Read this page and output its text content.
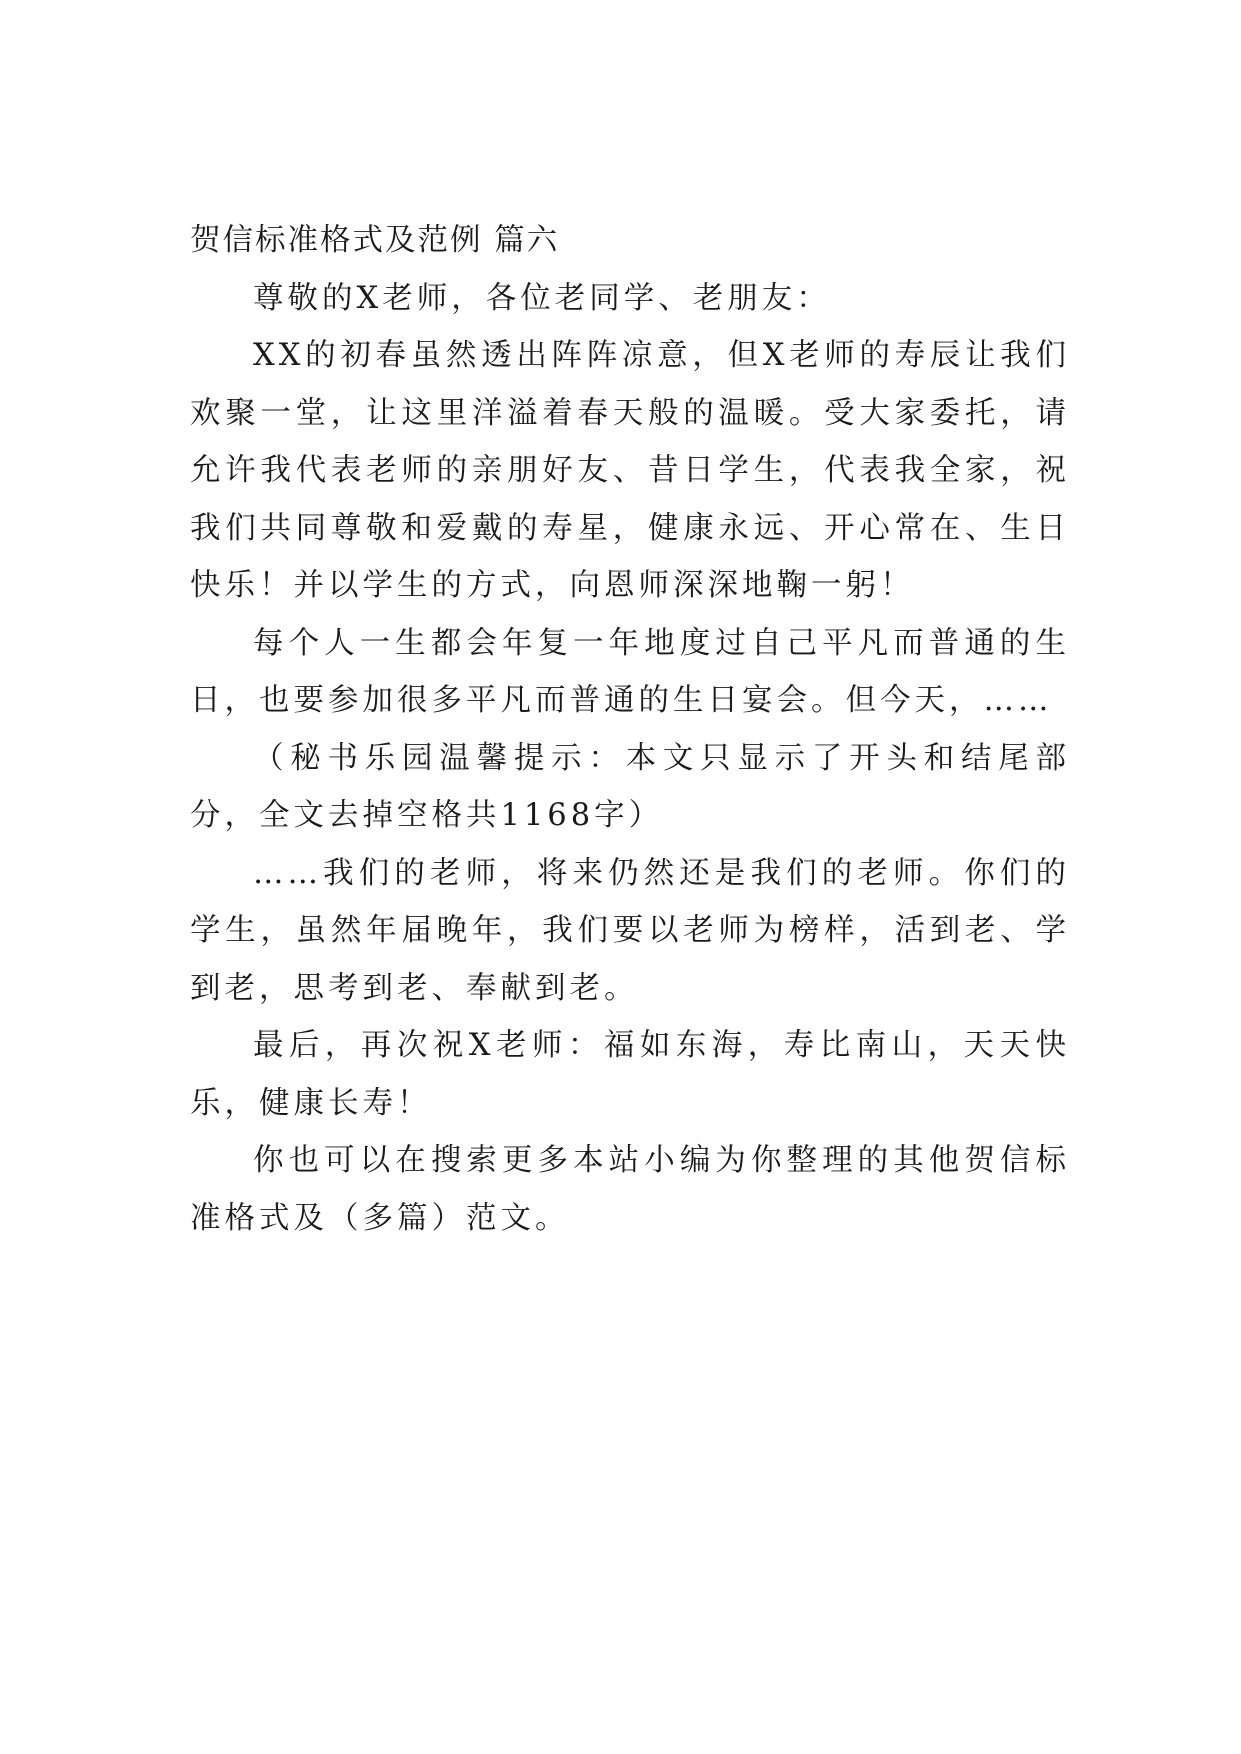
贺信标准格式及范例 篇六

尊敬的X老师，各位老同学、老朋友：

XX的初春虽然透出阵阵凉意，但X老师的寿辰让我们欢聚一堂，让这里洋溢着春天般的温暖。受大家委托，请允许我代表老师的亲朋好友、昔日学生，代表我全家，祝我们共同尊敬和爱戴的寿星，健康永远、开心常在、生日快乐！并以学生的方式，向恩师深深地鞠一躬！

每个人一生都会年复一年地度过自己平凡而普通的生日，也要参加很多平凡而普通的生日宴会。但今天，……

（秘书乐园温馨提示：本文只显示了开头和结尾部分，全文去掉空格共1168字）

……我们的老师，将来仍然还是我们的老师。你们的学生，虽然年届晚年，我们要以老师为榜样，活到老、学到老，思考到老、奉献到老。

最后，再次祝X老师：福如东海，寿比南山，天天快乐，健康长寿！

你也可以在搜索更多本站小编为你整理的其他贺信标准格式及（多篇）范文。
